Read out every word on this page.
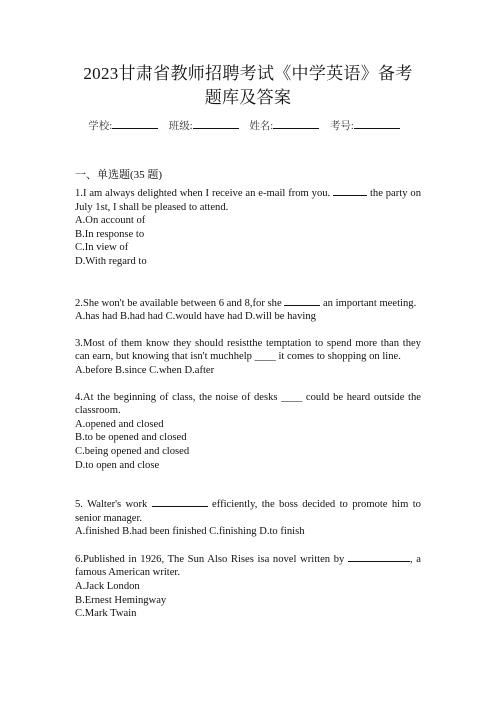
2023甘肃省教师招聘考试《中学英语》备考
题库及答案
学校:	班级:	姓名:	考号:
一、单选题(35 题)

1.I am always delighted when I receive an e-mail from you.	the party on July 1st, I shall be pleased to attend.

A.On account of

B.In response to

C.In view of

D.With regard to

2.She won't be available between 6 and 8,for she	an important meeting.

A.has had B.had had C.would have had D.will be having

3.Most of them know they should resistthe temptation to spend more than they can earn, but knowing that isn't muchhelp ____ it comes to shopping on line.

A.before B.since C.when D.after

4.At the beginning of class, the noise of desks ____ could be heard outside the classroom.

A.opened and closed

B.to be opened and closed

C.being opened and closed

D.to open and close

5. Walter's work	efficiently, the boss decided to promote him to senior manager.

A.finished B.had been finished C.finishing D.to finish

6.Published in 1926, The Sun Also Rises isa novel written by	, a famous American writer.

A.Jack London

B.Ernest Hemingway

C.Mark Twain
